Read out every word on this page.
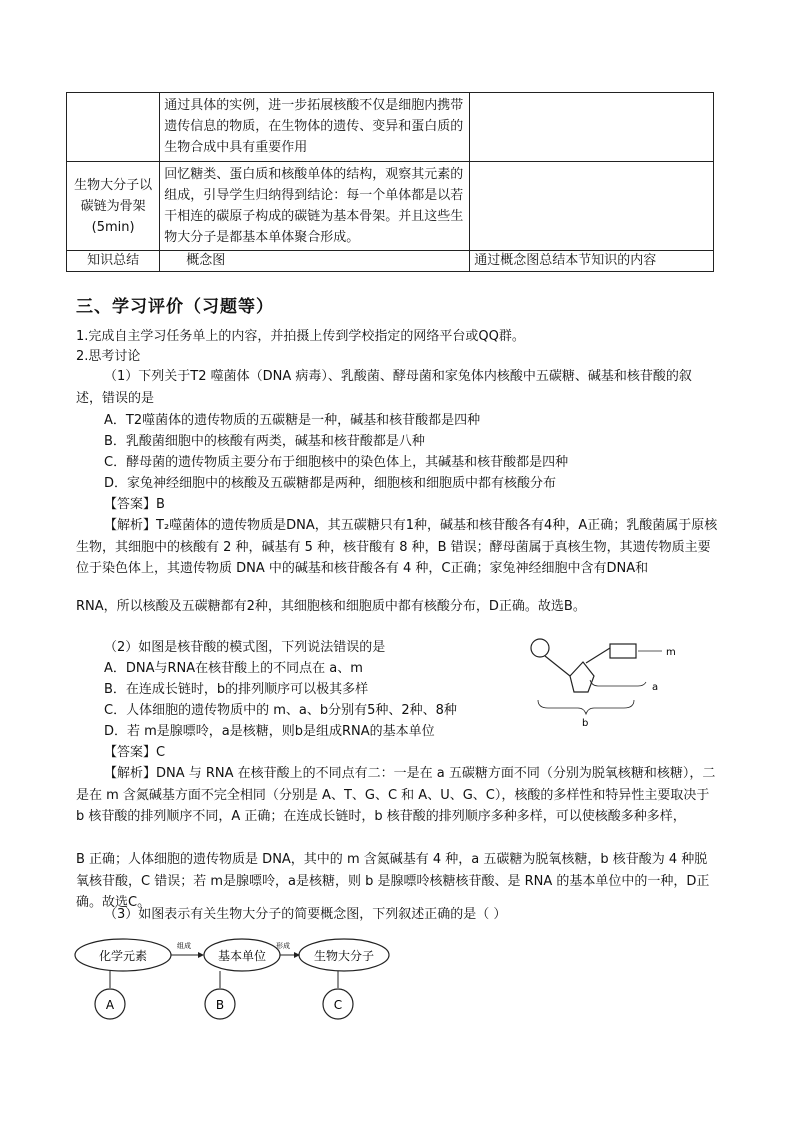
	通过具体的实例，进一步拓展核酸不仅是细胞内携带遗传信息的物质，在生物体的遗传、变异和蛋白质的生物合成中具有重要作用	
生物大分子以碳链为骨架(5min)	回忆糖类、蛋白质和核酸单体的结构，观察其元素的组成，引导学生归纳得到结论：每一个单体都是以若干相连的碳原子构成的碳链为基本骨架。并且这些生物大分子是都基本单体聚合形成。	
知识总结	概念图	通过概念图总结本节知识的内容
三、学习评价（习题等）
1.完成自主学习任务单上的内容，并拍摄上传到学校指定的网络平台或QQ群。
2.思考讨论
（1）下列关于T2 噬菌体（DNA 病毒）、乳酸菌、酵母菌和家兔体内核酸中五碳糖、碱基和核苷酸的叙述，错误的是
A．T2噬菌体的遗传物质的五碳糖是一种，碱基和核苷酸都是四种
B．乳酸菌细胞中的核酸有两类，碱基和核苷酸都是八种
C．酵母菌的遗传物质主要分布于细胞核中的染色体上，其碱基和核苷酸都是四种
D．家兔神经细胞中的核酸及五碳糖都是两种，细胞核和细胞质中都有核酸分布
【答案】B
【解析】T₂噬菌体的遗传物质是DNA，其五碳糖只有1种，碱基和核苷酸各有4种，A正确；乳酸菌属于原核生物，其细胞中的核酸有 2 种，碱基有 5 种，核苷酸有 8 种，B 错误；酵母菌属于真核生物，其遗传物质主要位于染色体上，其遗传物质 DNA 中的碱基和核苷酸各有 4 种，C正确；家兔神经细胞中含有DNA和
RNA，所以核酸及五碳糖都有2种，其细胞核和细胞质中都有核酸分布，D正确。故选B。
（2）如图是核苷酸的模式图，下列说法错误的是
A．DNA与RNA在核苷酸上的不同点在 a、m
B．在连成长链时，b的排列顺序可以极其多样
C．人体细胞的遗传物质中的 m、a、b分别有5种、2种、8种
D．若 m是腺嘌呤，a是核糖，则b是组成RNA的基本单位
【答案】C
【解析】DNA 与 RNA 在核苷酸上的不同点有二：一是在 a 五碳糖方面不同（分别为脱氧核糖和核糖），二是在 m 含氮碱基方面不完全相同（分别是 A、T、G、C 和 A、U、G、C），核酸的多样性和特异性主要取决于 b 核苷酸的排列顺序不同，A 正确；在连成长链时，b 核苷酸的排列顺序多种多样，可以使核酸多种多样，
B 正确；人体细胞的遗传物质是 DNA，其中的 m 含氮碱基有 4 种，a 五碳糖为脱氧核糖，b 核苷酸为 4 种脱氧核苷酸，C 错误；若 m是腺嘌呤，a是核糖，则 b 是腺嘌呤核糖核苷酸、是 RNA 的基本单位中的一种，D正确。故选C。
m
a
b
（3）如图表示有关生物大分子的简要概念图，下列叙述正确的是（ ）
化学元素
组成
基本单位
形成
生物大分子
A	B	C
